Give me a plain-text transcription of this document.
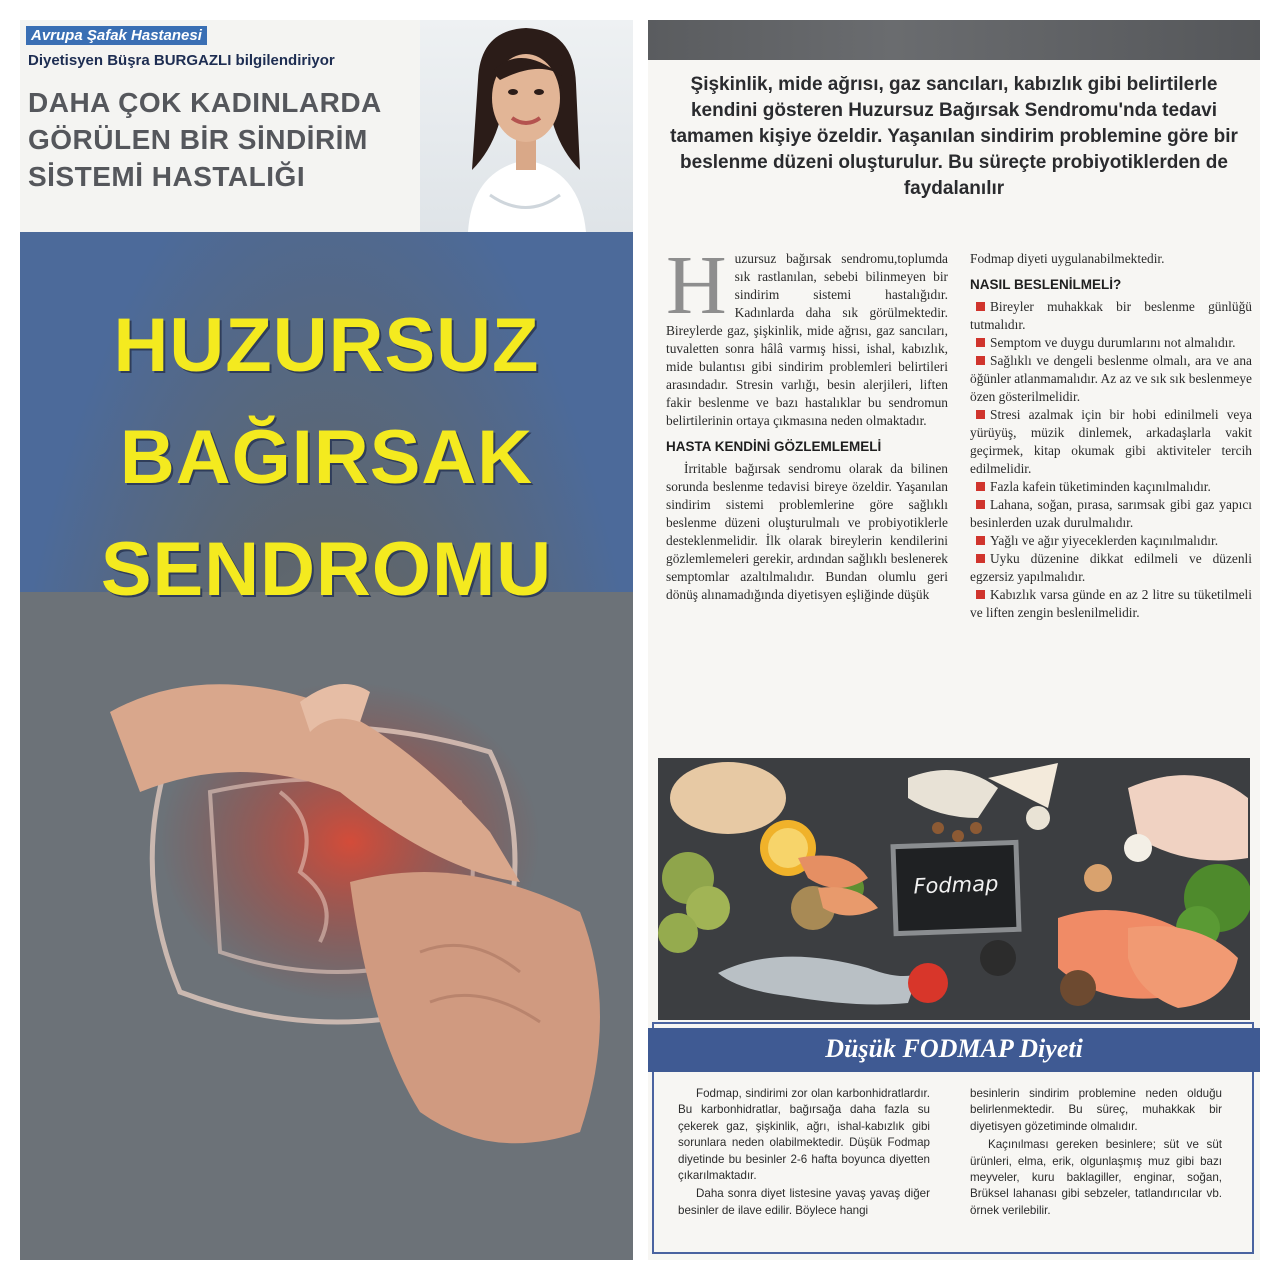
Avrupa Şafak Hastanesi
Diyetisyen Büşra BURGAZLI bilgilendiriyor
DAHA ÇOK KADINLARDA
GÖRÜLEN BİR SİNDİRİM
SİSTEMİ HASTALIĞI
HUZURSUZ
BAĞIRSAK
SENDROMU
Şişkinlik, mide ağrısı, gaz sancıları, kabızlık gibi belirtilerle kendini gösteren Huzursuz Bağırsak Sendromu'nda tedavi tamamen kişiye özeldir. Yaşanılan sindirim problemine göre bir beslenme düzeni oluşturulur. Bu süreçte probiyotiklerden de faydalanılır

H uzursuz bağırsak sendromu,toplumda sık rastlanılan, sebebi bilinmeyen bir sindirim sistemi hastalığıdır. Kadınlarda daha sık görülmektedir. Bireylerde gaz, şişkinlik, mide ağrısı, gaz sancıları, tuvaletten sonra hâlâ varmış hissi, ishal, kabızlık, mide bulantısı gibi sindirim problemleri belirtileri arasındadır. Stresin varlığı, besin alerjileri, liften fakir beslenme ve bazı hastalıklar bu sendromun belirtilerinin ortaya çıkmasına neden olmaktadır.

HASTA KENDİNİ GÖZLEMLEMELİ

İrritable bağırsak sendromu olarak da bilinen sorunda beslenme tedavisi bireye özeldir. Yaşanılan sindirim sistemi problemlerine göre sağlıklı beslenme düzeni oluşturulmalı ve probiyotiklerle desteklenmelidir. İlk olarak bireylerin kendilerini gözlemlemeleri gerekir, ardından sağlıklı beslenerek semptomlar azaltılmalıdır. Bundan olumlu geri dönüş alınamadığında diyetisyen eşliğinde düşük

Fodmap diyeti uygulanabilmektedir.

NASIL BESLENİLMELİ?

Bireyler muhakkak bir beslenme günlüğü tutmalıdır.

Semptom ve duygu durumlarını not almalıdır.

Sağlıklı ve dengeli beslenme olmalı, ara ve ana öğünler atlanmamalıdır. Az az ve sık sık beslenmeye özen gösterilmelidir.

Stresi azalmak için bir hobi edinilmeli veya yürüyüş, müzik dinlemek, arkadaşlarla vakit geçirmek, kitap okumak gibi aktiviteler tercih edilmelidir.

Fazla kafein tüketiminden kaçınılmalıdır.

Lahana, soğan, pırasa, sarımsak gibi gaz yapıcı besinlerden uzak durulmalıdır.

Yağlı ve ağır yiyeceklerden kaçınılmalıdır.

Uyku düzenine dikkat edilmeli ve düzenli egzersiz yapılmalıdır.

Kabızlık varsa günde en az 2 litre su tüketilmeli ve liften zengin beslenilmelidir.

Fodmap
Düşük FODMAP Diyeti

Fodmap, sindirimi zor olan karbonhidratlardır. Bu karbonhidratlar, bağırsağa daha fazla su çekerek gaz, şişkinlik, ağrı, ishal-kabızlık gibi sorunlara neden olabilmektedir. Düşük Fodmap diyetinde bu besinler 2-6 hafta boyunca diyetten çıkarılmaktadır.

Daha sonra diyet listesine yavaş yavaş diğer besinler de ilave edilir. Böylece hangi

besinlerin sindirim problemine neden olduğu belirlenmektedir. Bu süreç, muhakkak bir diyetisyen gözetiminde olmalıdır.

Kaçınılması gereken besinlere; süt ve süt ürünleri, elma, erik, olgunlaşmış muz gibi bazı meyveler, kuru baklagiller, enginar, soğan, Brüksel lahanası gibi sebzeler, tatlandırıcılar vb. örnek verilebilir.
